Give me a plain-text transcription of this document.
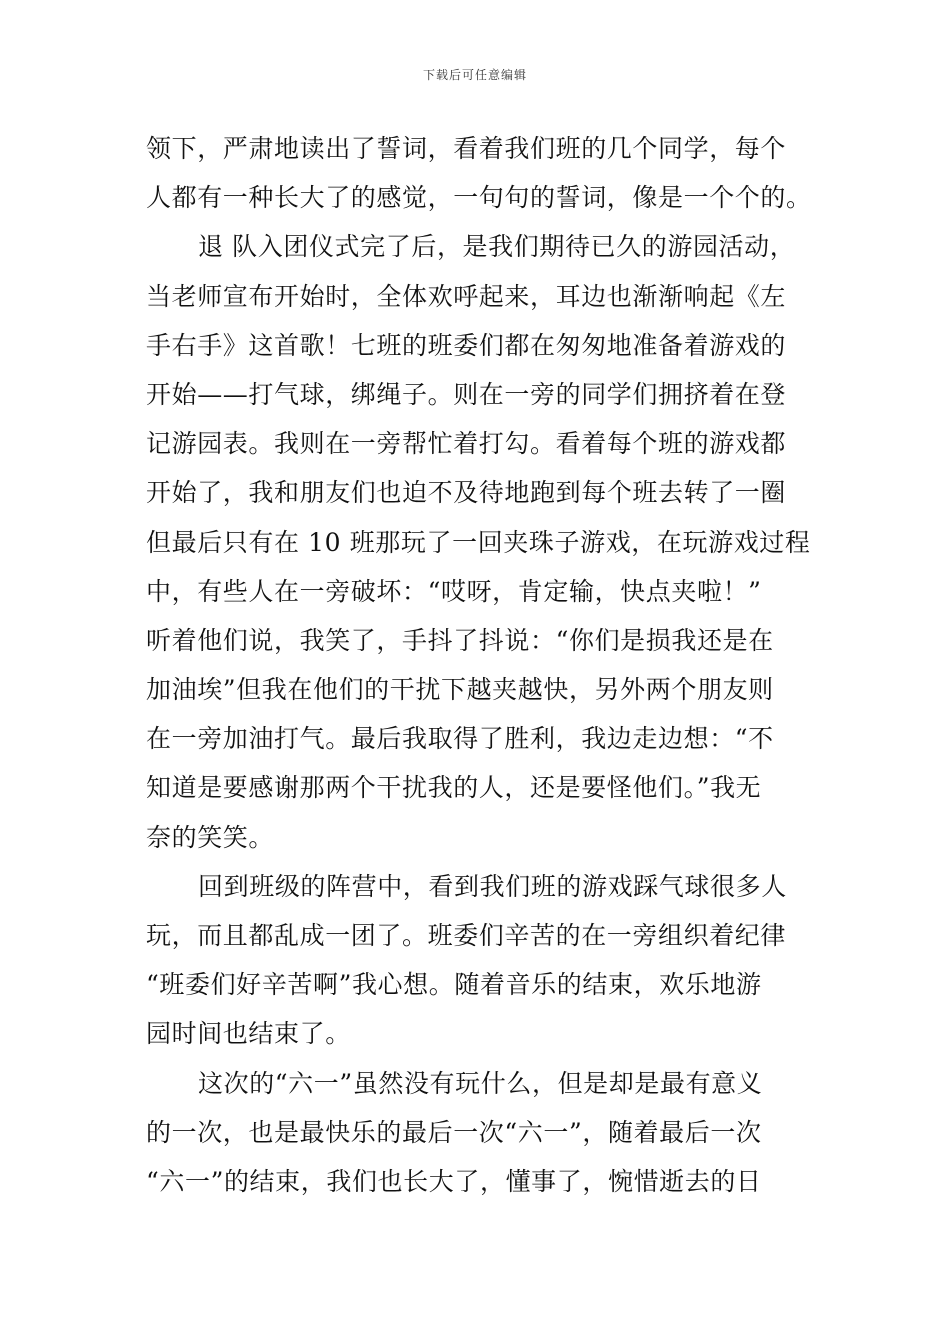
下载后可任意编辑
领下，严肃地读出了誓词，看着我们班的几个同学，每个
人都有一种长大了的感觉，一句句的誓词，像是一个个的。
退 队入团仪式完了后，是我们期待已久的游园活动，
当老师宣布开始时，全体欢呼起来，耳边也渐渐响起《左
手右手》这首歌！七班的班委们都在匆匆地准备着游戏的
开始——打气球，绑绳子。则在一旁的同学们拥挤着在登
记游园表。我则在一旁帮忙着打勾。看着每个班的游戏都
开始了，我和朋友们也迫不及待地跑到每个班去转了一圈
但最后只有在 10 班那玩了一回夹珠子游戏，在玩游戏过程
中，有些人在一旁破坏：“哎呀，肯定输，快点夹啦！”
听着他们说，我笑了，手抖了抖说：“你们是损我还是在
加油埃”但我在他们的干扰下越夹越快，另外两个朋友则
在一旁加油打气。最后我取得了胜利，我边走边想：“不
知道是要感谢那两个干扰我的人，还是要怪他们。”我无
奈的笑笑。
回到班级的阵营中，看到我们班的游戏踩气球很多人
玩，而且都乱成一团了。班委们辛苦的在一旁组织着纪律
“班委们好辛苦啊”我心想。随着音乐的结束，欢乐地游
园时间也结束了。
这次的“六一”虽然没有玩什么，但是却是最有意义
的一次，也是最快乐的最后一次“六一”，随着最后一次
“六一”的结束，我们也长大了，懂事了，惋惜逝去的日
